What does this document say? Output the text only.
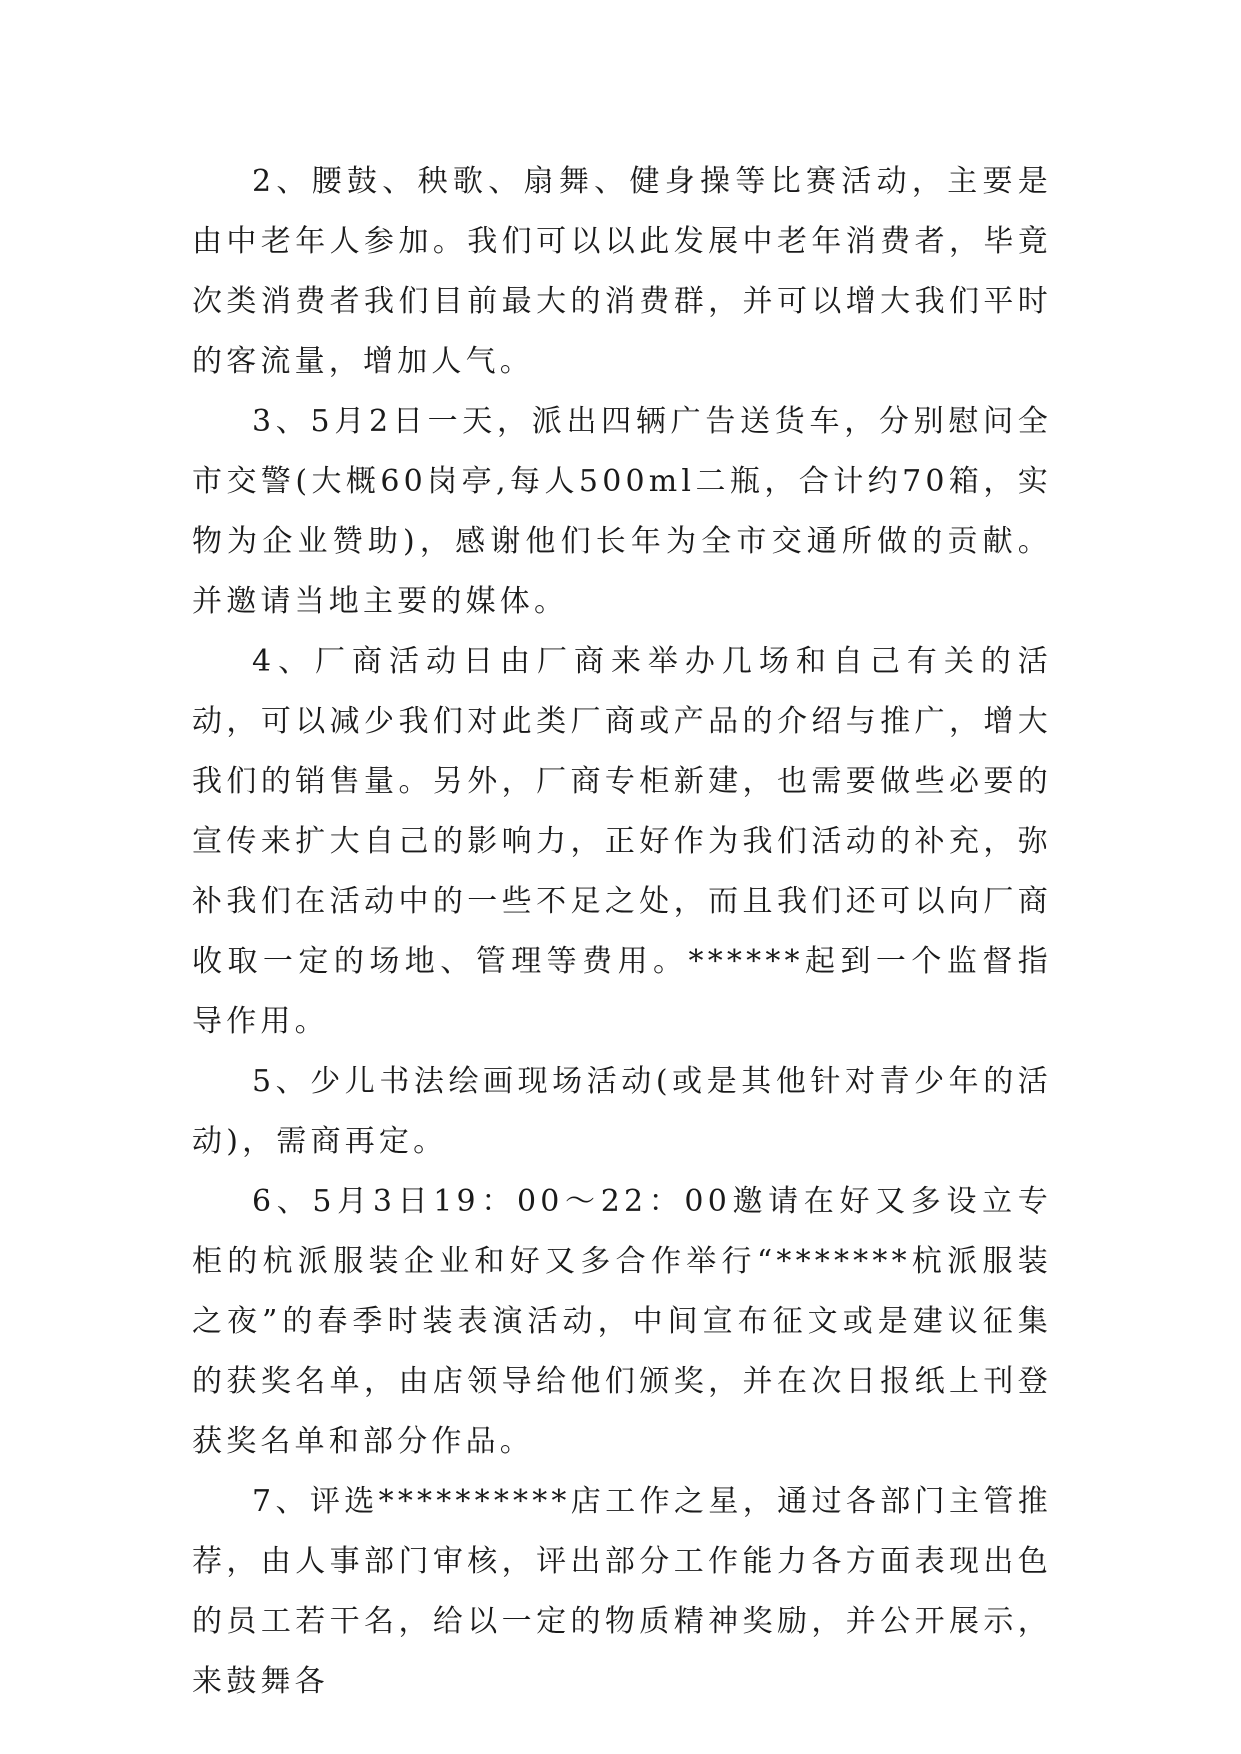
2、腰鼓、秧歌、扇舞、健身操等比赛活动，主要是由中老年人参加。我们可以以此发展中老年消费者，毕竟次类消费者我们目前最大的消费群，并可以增大我们平时的客流量，增加人气。

3、5月2日一天，派出四辆广告送货车，分别慰问全市交警(大概60岗亭,每人500ml二瓶，合计约70箱，实物为企业赞助)，感谢他们长年为全市交通所做的贡献。并邀请当地主要的媒体。

4、厂商活动日由厂商来举办几场和自己有关的活动，可以减少我们对此类厂商或产品的介绍与推广，增大我们的销售量。另外，厂商专柜新建，也需要做些必要的宣传来扩大自己的影响力，正好作为我们活动的补充，弥补我们在活动中的一些不足之处，而且我们还可以向厂商收取一定的场地、管理等费用。******起到一个监督指导作用。

5、少儿书法绘画现场活动(或是其他针对青少年的活动)，需商再定。

6、5月3日19：00～22：00邀请在好又多设立专柜的杭派服装企业和好又多合作举行“*******杭派服装之夜”的春季时装表演活动，中间宣布征文或是建议征集的获奖名单，由店领导给他们颁奖，并在次日报纸上刊登获奖名单和部分作品。

7、评选**********店工作之星，通过各部门主管推荐，由人事部门审核，评出部分工作能力各方面表现出色的员工若干名，给以一定的物质精神奖励，并公开展示，来鼓舞各
